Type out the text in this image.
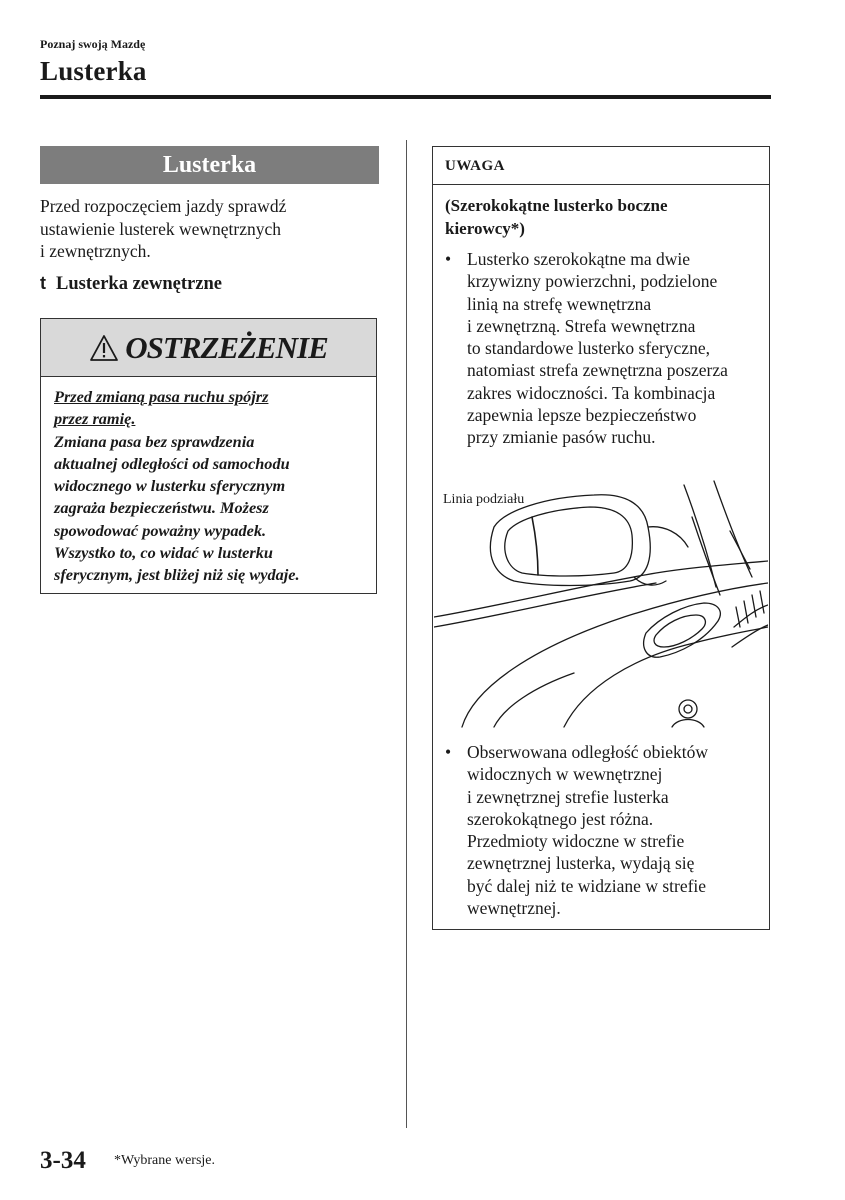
Poznaj swoją Mazdę
Lusterka
Lusterka
Przed rozpoczęciem jazdy sprawdź
ustawienie lusterek wewnętrznych
i zewnętrznych.
t Lusterka zewnętrzne
OSTRZEŻENIE
Przed zmianą pasa ruchu spójrz
przez ramię.
Zmiana pasa bez sprawdzenia
aktualnej odległości od samochodu
widocznego w lusterku sferycznym
zagraża bezpieczeństwu. Możesz
spowodować poważny wypadek.
Wszystko to, co widać w lusterku
sferycznym, jest bliżej niż się wydaje.
UWAGA
(Szerokokątne lusterko boczne
kierowcy*)
• Lusterko szerokokątne ma dwie
krzywizny powierzchni, podzielone
linią na strefę wewnętrzna
i zewnętrzną. Strefa wewnętrzna
to standardowe lusterko sferyczne,
natomiast strefa zewnętrzna poszerza
zakres widoczności. Ta kombinacja
zapewnia lepsze bezpieczeństwo
przy zmianie pasów ruchu.
Linia podziału
• Obserwowana odległość obiektów
widocznych w wewnętrznej
i zewnętrznej strefie lusterka
szerokokątnego jest różna.
Przedmioty widoczne w strefie
zewnętrznej lusterka, wydają się
być dalej niż te widziane w strefie
wewnętrznej.
3-34 *Wybrane wersje.
